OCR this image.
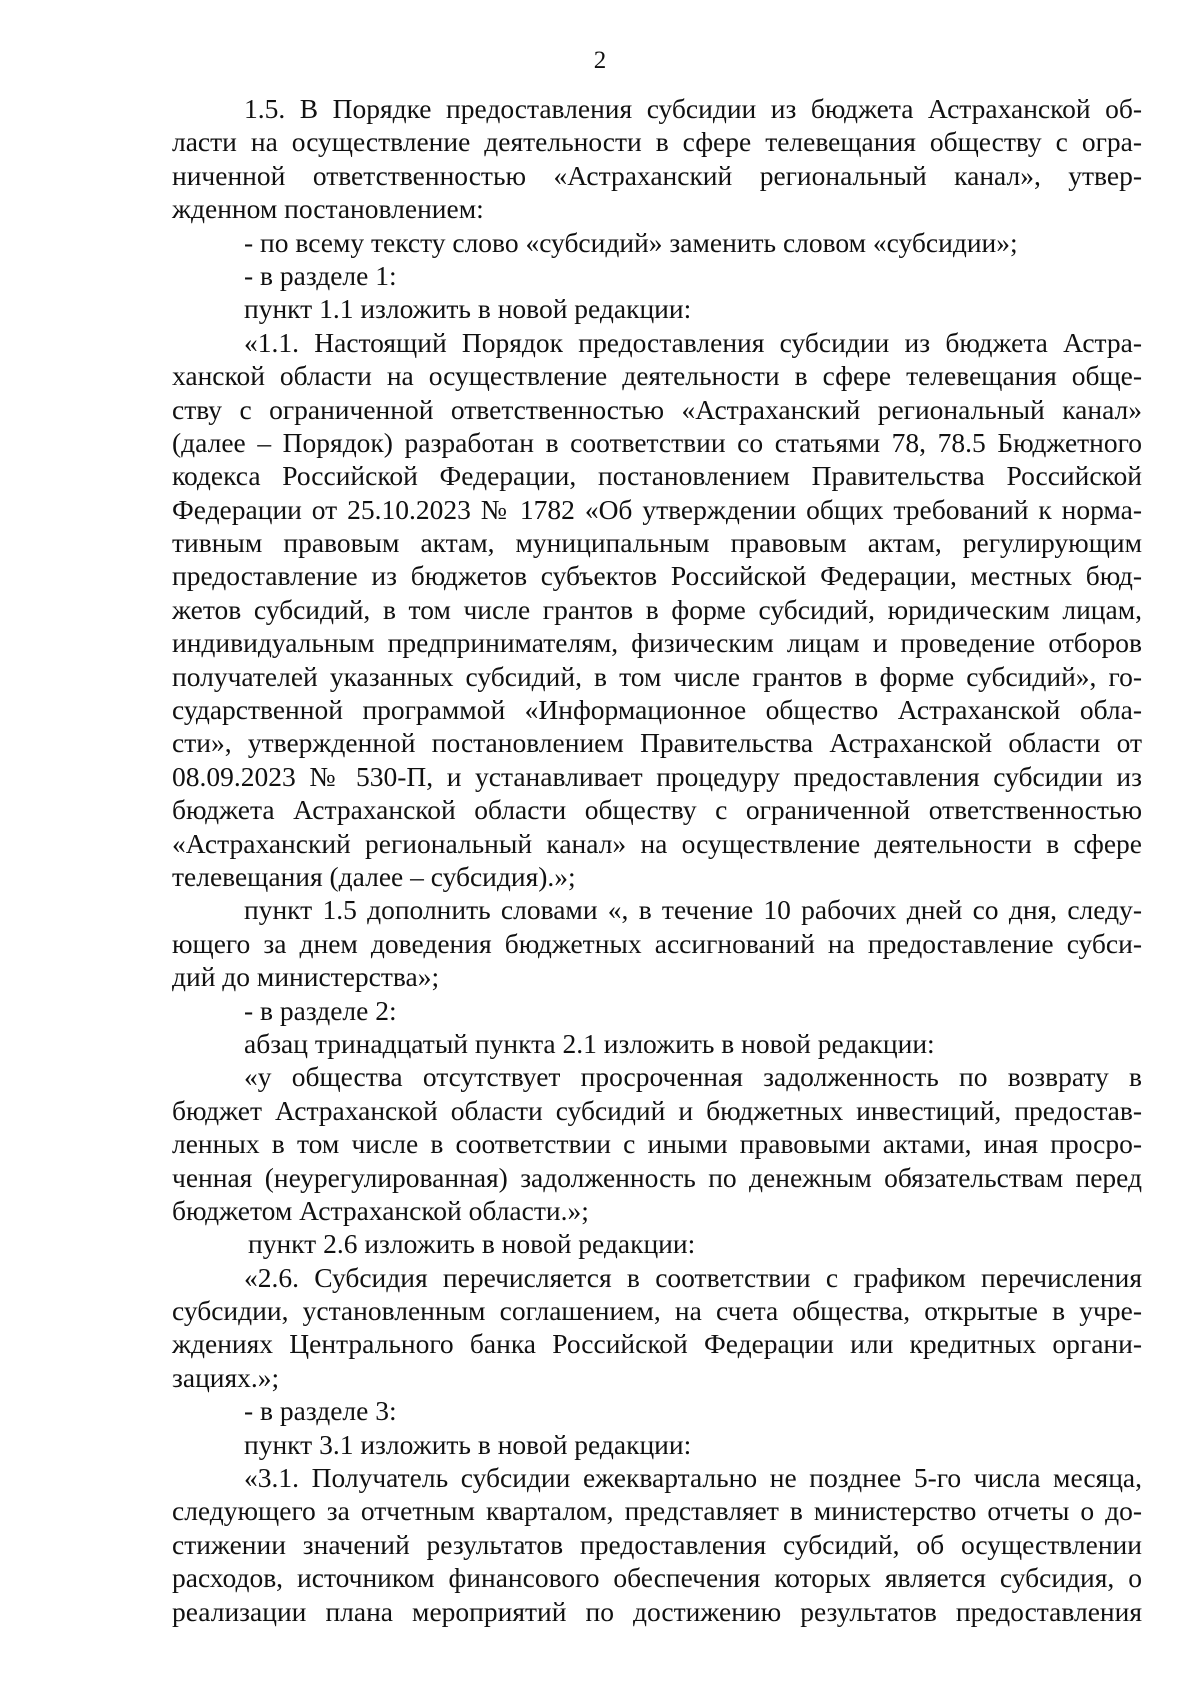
2
1.5. В Порядке предоставления субсидии из бюджета Астраханской об-
ласти на осуществление деятельности в сфере телевещания обществу с огра-
ниченной ответственностью «Астраханский региональный канал», утвер-
жденном постановлением:
- по всему тексту слово «субсидий» заменить словом «субсидии»;
- в разделе 1:
пункт 1.1 изложить в новой редакции:
«1.1. Настоящий Порядок предоставления субсидии из бюджета Астра-
ханской области на осуществление деятельности в сфере телевещания обще-
ству с ограниченной ответственностью «Астраханский региональный канал»
(далее – Порядок) разработан в соответствии со статьями 78, 78.5 Бюджетного
кодекса Российской Федерации, постановлением Правительства Российской
Федерации от 25.10.2023 № 1782 «Об утверждении общих требований к норма-
тивным правовым актам, муниципальным правовым актам, регулирующим
предоставление из бюджетов субъектов Российской Федерации, местных бюд-
жетов субсидий, в том числе грантов в форме субсидий, юридическим лицам,
индивидуальным предпринимателям, физическим лицам и проведение отборов
получателей указанных субсидий, в том числе грантов в форме субсидий», го-
сударственной программой «Информационное общество Астраханской обла-
сти», утвержденной постановлением Правительства Астраханской области от
08.09.2023 № 530-П, и устанавливает процедуру предоставления субсидии из
бюджета Астраханской области обществу с ограниченной ответственностью
«Астраханский региональный канал» на осуществление деятельности в сфере
телевещания (далее – субсидия).»;
пункт 1.5 дополнить словами «, в течение 10 рабочих дней со дня, следу-
ющего за днем доведения бюджетных ассигнований на предоставление субси-
дий до министерства»;
- в разделе 2:
абзац тринадцатый пункта 2.1 изложить в новой редакции:
«у общества отсутствует просроченная задолженность по возврату в
бюджет Астраханской области субсидий и бюджетных инвестиций, предостав-
ленных в том числе в соответствии с иными правовыми актами, иная просро-
ченная (неурегулированная) задолженность по денежным обязательствам перед
бюджетом Астраханской области.»;
пункт 2.6 изложить в новой редакции:
«2.6. Субсидия перечисляется в соответствии с графиком перечисления
субсидии, установленным соглашением, на счета общества, открытые в учре-
ждениях Центрального банка Российской Федерации или кредитных органи-
зациях.»;
- в разделе 3:
пункт 3.1 изложить в новой редакции:
«3.1. Получатель субсидии ежеквартально не позднее 5-го числа месяца,
следующего за отчетным кварталом, представляет в министерство отчеты о до-
стижении значений результатов предоставления субсидий, об осуществлении
расходов, источником финансового обеспечения которых является субсидия, о
реализации плана мероприятий по достижению результатов предоставления
